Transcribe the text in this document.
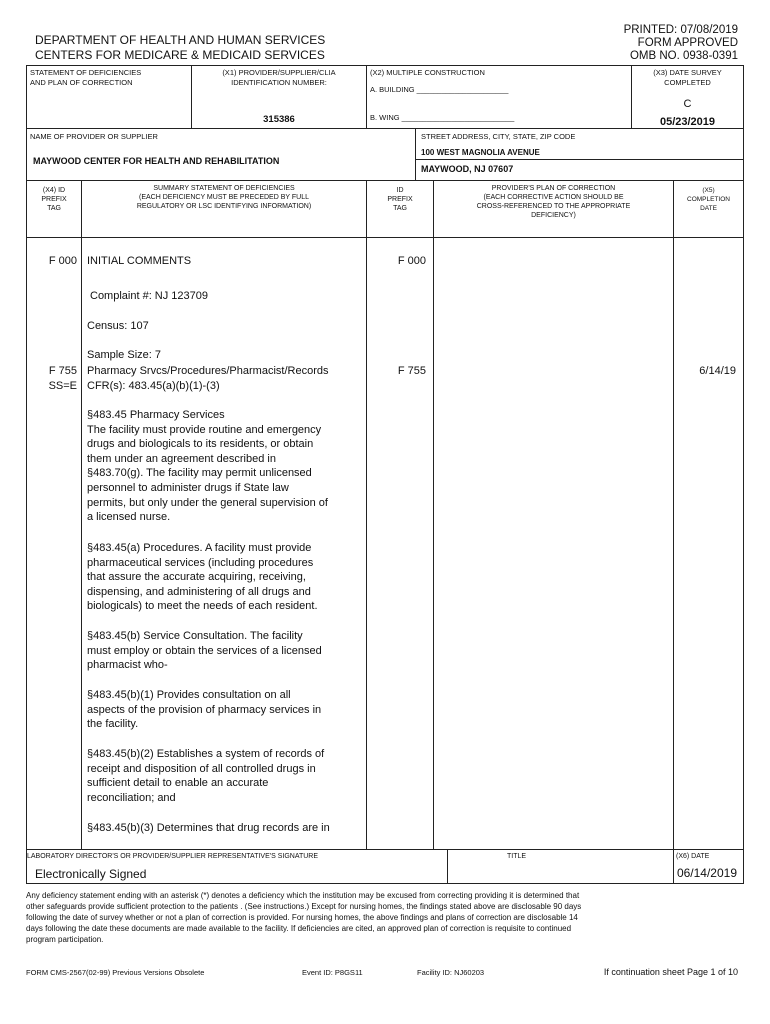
DEPARTMENT OF HEALTH AND HUMAN SERVICES
CENTERS FOR MEDICARE & MEDICAID SERVICES
PRINTED: 07/08/2019
FORM APPROVED
OMB NO. 0938-0391
STATEMENT OF DEFICIENCIES
AND PLAN OF CORRECTION
(X1) PROVIDER/SUPPLIER/CLIA
IDENTIFICATION NUMBER:
315386
(X2) MULTIPLE CONSTRUCTION
A. BUILDING ______________________
B. WING ___________________________
(X3) DATE SURVEY
COMPLETED
C
05/23/2019
NAME OF PROVIDER OR SUPPLIER
MAYWOOD CENTER FOR HEALTH AND REHABILITATION
STREET ADDRESS, CITY, STATE, ZIP CODE
100 WEST MAGNOLIA AVENUE
MAYWOOD, NJ 07607
(X4) ID
PREFIX
TAG
SUMMARY STATEMENT OF DEFICIENCIES
(EACH DEFICIENCY MUST BE PRECEDED BY FULL
REGULATORY OR LSC IDENTIFYING INFORMATION)
ID
PREFIX
TAG
PROVIDER'S PLAN OF CORRECTION
(EACH CORRECTIVE ACTION SHOULD BE
CROSS-REFERENCED TO THE APPROPRIATE
DEFICIENCY)
(X5)
COMPLETION
DATE
F 000 INITIAL COMMENTS	F 000
Complaint #: NJ 123709
Census: 107
Sample Size: 7
F 755
SS=E
Pharmacy Srvcs/Procedures/Pharmacist/Records
CFR(s): 483.45(a)(b)(1)-(3)
F 755	6/14/19
§483.45 Pharmacy Services
The facility must provide routine and emergency
drugs and biologicals to its residents, or obtain
them under an agreement described in
§483.70(g). The facility may permit unlicensed
personnel to administer drugs if State law
permits, but only under the general supervision of
a licensed nurse.
§483.45(a) Procedures. A facility must provide
pharmaceutical services (including procedures
that assure the accurate acquiring, receiving,
dispensing, and administering of all drugs and
biologicals) to meet the needs of each resident.
§483.45(b) Service Consultation. The facility
must employ or obtain the services of a licensed
pharmacist who-
§483.45(b)(1) Provides consultation on all
aspects of the provision of pharmacy services in
the facility.
§483.45(b)(2) Establishes a system of records of
receipt and disposition of all controlled drugs in
sufficient detail to enable an accurate
reconciliation; and
§483.45(b)(3) Determines that drug records are in
LABORATORY DIRECTOR'S OR PROVIDER/SUPPLIER REPRESENTATIVE'S SIGNATURE
Electronically Signed
TITLE	(X6) DATE
06/14/2019
Any deficiency statement ending with an asterisk (*) denotes a deficiency which the institution may be excused from correcting providing it is determined that
other safeguards provide sufficient protection to the patients . (See instructions.) Except for nursing homes, the findings stated above are disclosable 90 days
following the date of survey whether or not a plan of correction is provided. For nursing homes, the above findings and plans of correction are disclosable 14
days following the date these documents are made available to the facility. If deficiencies are cited, an approved plan of correction is requisite to continued
program participation.
FORM CMS-2567(02-99) Previous Versions Obsolete	Event ID: P8GS11	Facility ID: NJ60203	If continuation sheet Page 1 of 10
